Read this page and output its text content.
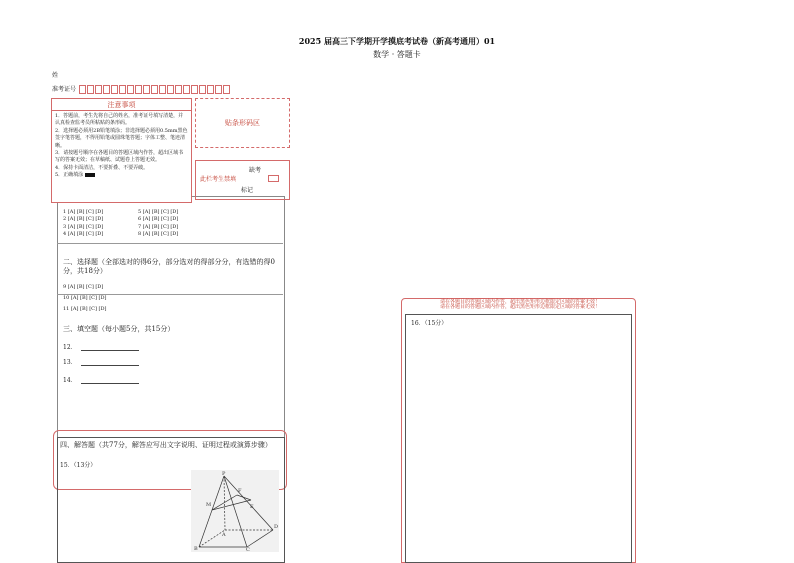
2025 届高三下学期开学摸底考试卷（新高考通用）01
数学 · 答题卡
姓
准考证号
注意事项
1．答题前，考生先将自己的姓名，准考证号填写清楚，并认真检查监考员所粘贴的条形码。
2．选择题必须用2B铅笔填涂；非选择题必须用0.5mm黑色签字笔答题，不得用铅笔或圆珠笔答题；字体工整、笔迹清晰。
3．请按题号顺序在各题目的答题区域内作答，超出区域书写的答案无效；在草稿纸、试题卷上答题无效。
4．保持卡面清洁，不要折叠、不要弄破。
5．正确填涂
贴条形码区
缺考
此栏考生禁填
标记
1 [A] [B] [C] [D]
2 [A] [B] [C] [D]
3 [A] [B] [C] [D]
4 [A] [B] [C] [D]
5 [A] [B] [C] [D]
6 [A] [B] [C] [D]
7 [A] [B] [C] [D]
8 [A] [B] [C] [D]
二、选择题（全部选对的得6分，部分选对的得部分分，有选错的得0分，共18分）
9 [A] [B] [C] [D]
10 [A] [B] [C] [D]
11 [A] [B] [C] [D]
三、填空题（每小题5分，共15分）
12．
13．
14．
四、解答题（共77分，解答应写出文字说明、证明过程或演算步骤）
15．（13分）
P
M
F
E
A
D
B	C
请在各题目的答题区域内作答，超出黑色矩形边框限定区域的答案无效！
请在各题目的答题区域内作答，超出黑色矩形边框限定区域的答案无效！
16．（15分）
